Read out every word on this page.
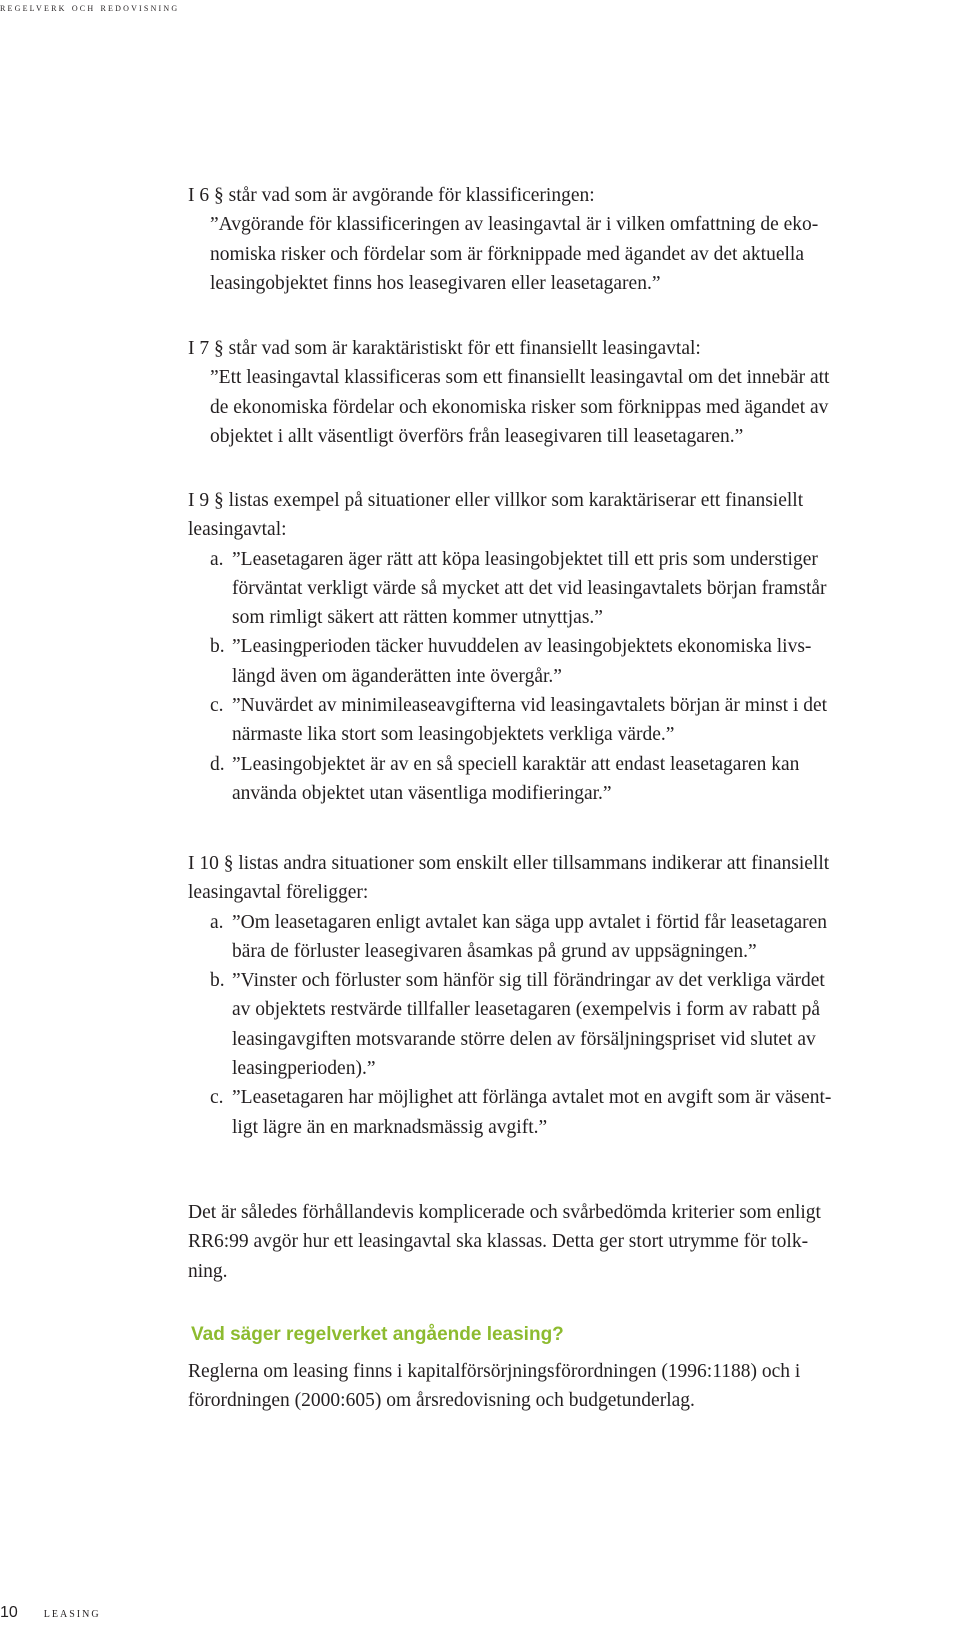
regelverk och redovisning

I 6 § står vad som är avgörande för klassificeringen:

”Avgörande för klassificeringen av leasingavtal är i vilken omfattning de eko-

nomiska risker och fördelar som är förknippade med ägandet av det aktuella

leasingobjektet finns hos leasegivaren eller leasetagaren.”

I 7 § står vad som är karaktäristiskt för ett finansiellt leasingavtal:

”Ett leasingavtal klassificeras som ett finansiellt leasingavtal om det innebär att

de ekonomiska fördelar och ekonomiska risker som förknippas med ägandet av

objektet i allt väsentligt överförs från leasegivaren till leasetagaren.”

I 9 § listas exempel på situationer eller villkor som karaktäriserar ett finansiellt

leasingavtal:

a. ”Leasetagaren äger rätt att köpa leasingobjektet till ett pris som understiger
förväntat verkligt värde så mycket att det vid leasingavtalets början framstår
som rimligt säkert att rätten kommer utnyttjas.”
b. ”Leasingperioden täcker huvuddelen av leasingobjektets ekonomiska livs-
längd även om äganderätten inte övergår.”
c. ”Nuvärdet av minimileaseavgifterna vid leasingavtalets början är minst i det
närmaste lika stort som leasingobjektets verkliga värde.”
d. ”Leasingobjektet är av en så speciell karaktär att endast leasetagaren kan
använda objektet utan väsentliga modifieringar.”

I 10 § listas andra situationer som enskilt eller tillsammans indikerar att finansiellt

leasingavtal föreligger:

a. ”Om leasetagaren enligt avtalet kan säga upp avtalet i förtid får leasetagaren
bära de förluster leasegivaren åsamkas på grund av uppsägningen.”
b. ”Vinster och förluster som hänför sig till förändringar av det verkliga värdet
av objektets restvärde tillfaller leasetagaren (exempelvis i form av rabatt på
leasingavgiften motsvarande större delen av försäljningspriset vid slutet av
leasingperioden).”
c. ”Leasetagaren har möjlighet att förlänga avtalet mot en avgift som är väsent-
ligt lägre än en marknadsmässig avgift.”

Det är således förhållandevis komplicerade och svårbedömda kriterier som enligt

RR6:99 avgör hur ett leasingavtal ska klassas. Detta ger stort utrymme för tolk-

ning.

Vad säger regelverket angående leasing?

Reglerna om leasing finns i kapitalförsörjningsförordningen (1996:1188) och i

förordningen (2000:605) om årsredovisning och budgetunderlag.

10 leasing
